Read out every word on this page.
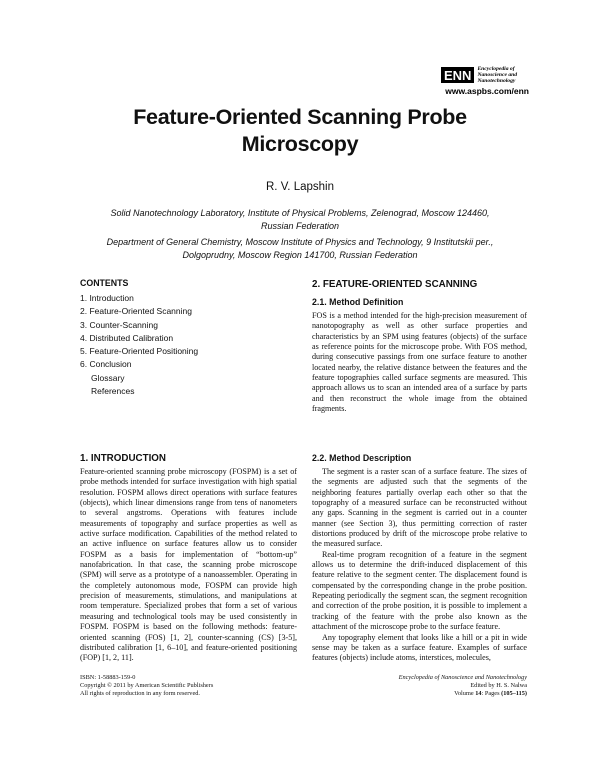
ENN	Encyclopedia of
Nanoscience and
Nanotechnology
www.aspbs.com/enn
Feature-Oriented Scanning Probe
Microscopy
R. V. Lapshin
Solid Nanotechnology Laboratory, Institute of Physical Problems, Zelenograd, Moscow 124460,
Russian Federation
Department of General Chemistry, Moscow Institute of Physics and Technology, 9 Institutskii per.,
Dolgoprudny, Moscow Region 141700, Russian Federation
CONTENTS
1. Introduction
2. Feature-Oriented Scanning
3. Counter-Scanning
4. Distributed Calibration
5. Feature-Oriented Positioning
6. Conclusion
Glossary
References
1. INTRODUCTION

Feature-oriented scanning probe microscopy (FOSPM) is a set of probe methods intended for surface investigation with high spatial resolution. FOSPM allows direct operations with surface features (objects), which linear dimensions range from tens of nanometers to several angstroms. Operations with features include measurements of topography and surface properties as well as active surface modification. Capabilities of the method related to an active influence on surface features allow us to consider FOSPM as a basis for implementation of “bottom-up” nanofabrication. In that case, the scanning probe microscope (SPM) will serve as a prototype of a nanoassembler. Operating in the completely autonomous mode, FOSPM can provide high precision of measurements, stimulations, and manipulations at room temperature. Specialized probes that form a set of various measuring and technological tools may be used consistently in FOSPM. FOSPM is based on the following methods: feature-oriented scanning (FOS) [1, 2], counter-scanning (CS) [3-5], distributed calibration [1, 6–10], and feature-oriented positioning (FOP) [1, 2, 11].

2. FEATURE-ORIENTED SCANNING
2.1. Method Definition

FOS is a method intended for the high-precision measurement of nanotopography as well as other surface properties and characteristics by an SPM using features (objects) of the surface as reference points for the microscope probe. With FOS method, during consecutive passings from one surface feature to another located nearby, the relative distance between the features and the feature topographies called surface segments are measured. This approach allows us to scan an intended area of a surface by parts and then reconstruct the whole image from the obtained fragments.

2.2. Method Description

The segment is a raster scan of a surface feature. The sizes of the segments are adjusted such that the segments of the neighboring features partially overlap each other so that the topography of a measured surface can be reconstructed without any gaps. Scanning in the segment is carried out in a counter manner (see Section 3), thus permitting correction of raster distortions produced by drift of the microscope probe relative to the measured surface.

Real-time program recognition of a feature in the segment allows us to determine the drift-induced displacement of this feature relative to the segment center. The displacement found is compensated by the corresponding change in the probe position. Repeating periodically the segment scan, the segment recognition and correction of the probe position, it is possible to implement a tracking of the feature with the probe also known as the attachment of the microscope probe to the surface feature.

Any topography element that looks like a hill or a pit in wide sense may be taken as a surface feature. Examples of surface features (objects) include atoms, interstices, molecules,

ISBN: 1-58883-159-0
Copyright © 2011 by American Scientific Publishers
All rights of reproduction in any form reserved.
Encyclopedia of Nanoscience and Nanotechnology
Edited by H. S. Nalwa
Volume 14: Pages (105–115)
